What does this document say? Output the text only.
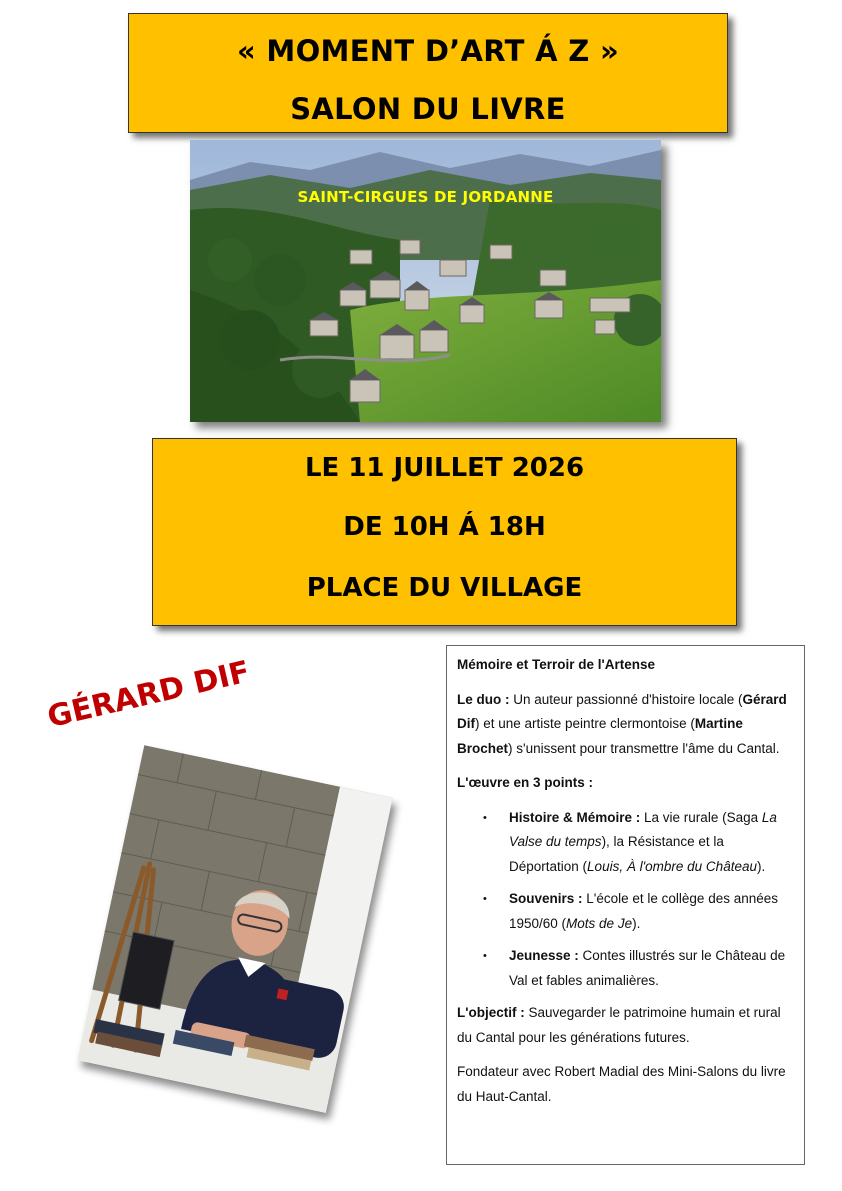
« MOMENT D’ART Á Z »
SALON DU LIVRE
SAINT-CIRGUES DE JORDANNE
LE 11 JUILLET 2026
DE 10H Á 18H
PLACE DU VILLAGE
GÉRARD DIF	Mémoire et Terroir de l'Artense

Le duo : Un auteur passionné d'histoire locale (Gérard Dif) et une artiste peintre clermontoise (Martine Brochet) s'unissent pour transmettre l'âme du Cantal.

L'œuvre en 3 points :

• Histoire & Mémoire : La vie rurale (Saga La Valse du temps), la Résistance et la Déportation (Louis, À l'ombre du Château).
• Souvenirs : L'école et le collège des années 1950/60 (Mots de Je).
• Jeunesse : Contes illustrés sur le Château de Val et fables animalières.

L'objectif : Sauvegarder le patrimoine humain et rural du Cantal pour les générations futures.

Fondateur avec Robert Madial des Mini-Salons du livre du Haut-Cantal.
